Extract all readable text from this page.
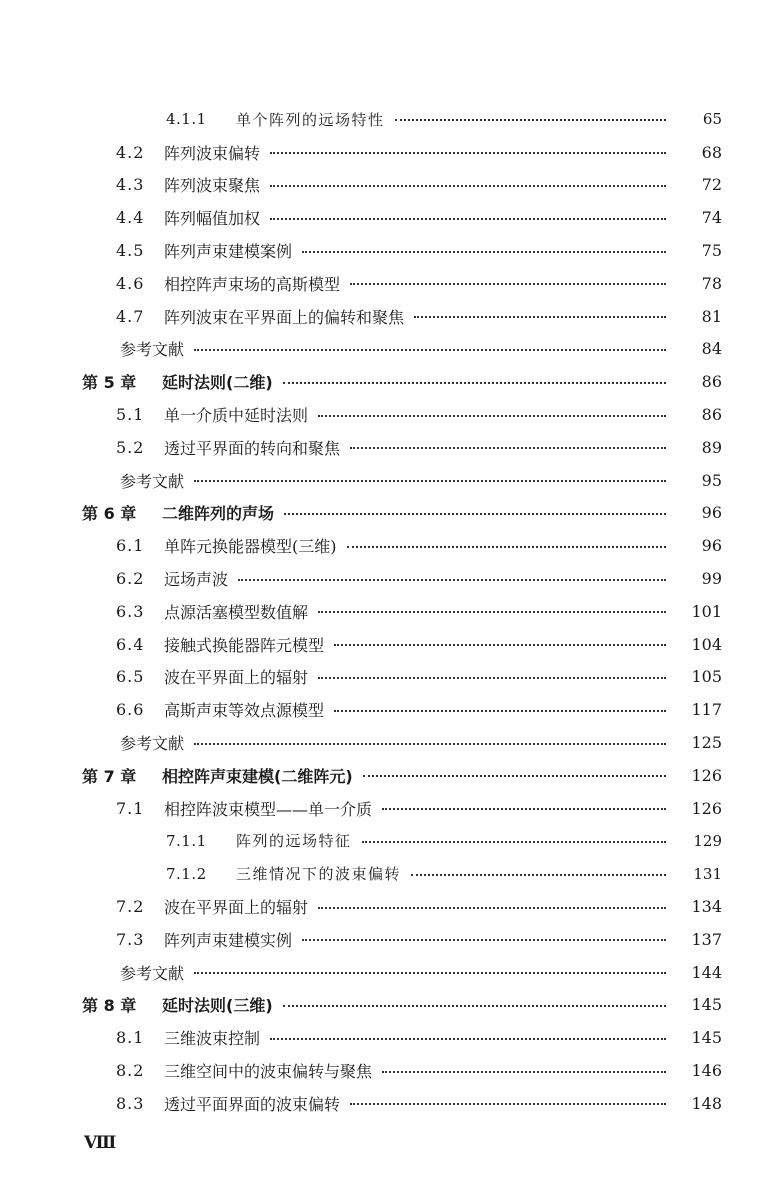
4.1.1	单个阵列的远场特性	65
4.2	阵列波束偏转	68
4.3	阵列波束聚焦	72
4.4	阵列幅值加权	74
4.5	阵列声束建模案例	75
4.6	相控阵声束场的高斯模型	78
4.7	阵列波束在平界面上的偏转和聚焦	81
参考文献	84
第 5 章	延时法则(二维)	86
5.1	单一介质中延时法则	86
5.2	透过平界面的转向和聚焦	89
参考文献	95
第 6 章	二维阵列的声场	96
6.1	单阵元换能器模型(三维)	96
6.2	远场声波	99
6.3	点源活塞模型数值解	101
6.4	接触式换能器阵元模型	104
6.5	波在平界面上的辐射	105
6.6	高斯声束等效点源模型	117
参考文献	125
第 7 章	相控阵声束建模(二维阵元)	126
7.1	相控阵波束模型——单一介质	126
7.1.1	阵列的远场特征	129
7.1.2	三维情况下的波束偏转	131
7.2	波在平界面上的辐射	134
7.3	阵列声束建模实例	137
参考文献	144
第 8 章	延时法则(三维)	145
8.1	三维波束控制	145
8.2	三维空间中的波束偏转与聚焦	146
8.3	透过平面界面的波束偏转	148
Ⅷ
